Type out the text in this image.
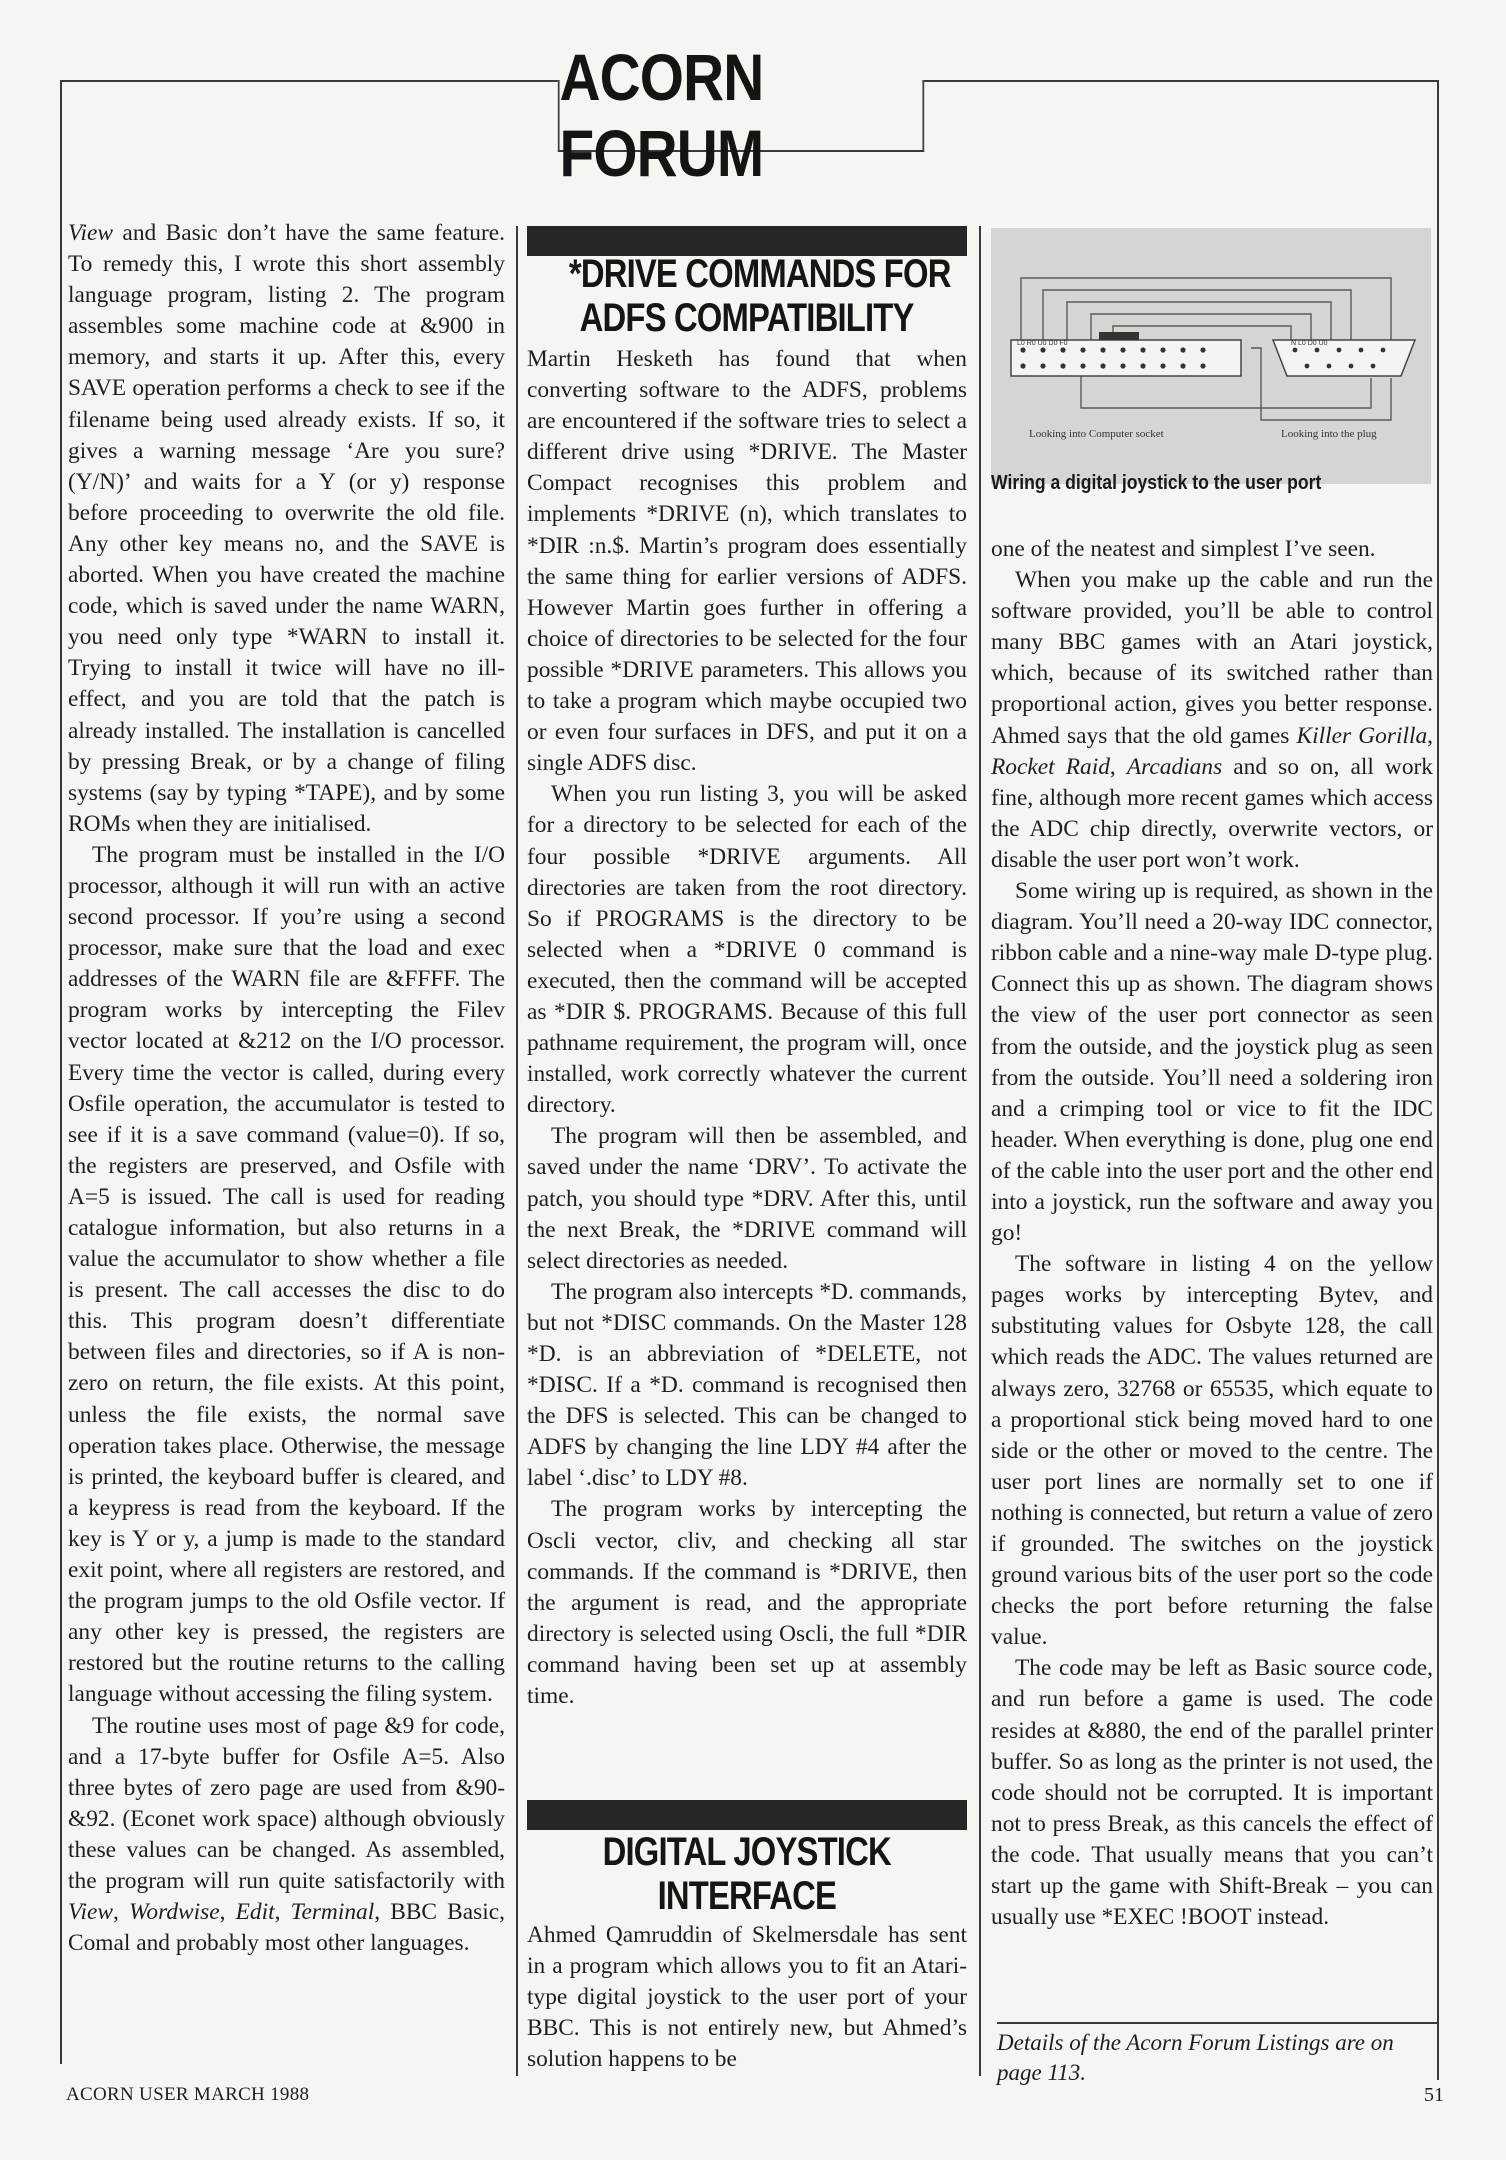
ACORN FORUM

View and Basic don’t have the same feature. To remedy this, I wrote this short assembly language program, listing 2. The program assembles some machine code at &900 in memory, and starts it up. After this, every SAVE operation performs a check to see if the filename being used already exists. If so, it gives a warning message ‘Are you sure? (Y/N)’ and waits for a Y (or y) response before proceeding to overwrite the old file. Any other key means no, and the SAVE is aborted. When you have created the machine code, which is saved under the name WARN, you need only type *WARN to install it. Trying to install it twice will have no ill-effect, and you are told that the patch is already installed. The installation is cancelled by pressing Break, or by a change of filing systems (say by typing *TAPE), and by some ROMs when they are initialised.

The program must be installed in the I/O processor, although it will run with an active second processor. If you’re using a second processor, make sure that the load and exec addresses of the WARN file are &FFFF. The program works by intercepting the Filev vector located at &212 on the I/O processor. Every time the vector is called, during every Osfile operation, the accumulator is tested to see if it is a save command (value=0). If so, the registers are preserved, and Osfile with A=5 is issued. The call is used for reading catalogue information, but also returns in a value the accumulator to show whether a file is present. The call accesses the disc to do this. This program doesn’t differentiate between files and directories, so if A is non-zero on return, the file exists. At this point, unless the file exists, the normal save operation takes place. Otherwise, the message is printed, the keyboard buffer is cleared, and a keypress is read from the keyboard. If the key is Y or y, a jump is made to the standard exit point, where all registers are restored, and the program jumps to the old Osfile vector. If any other key is pressed, the registers are restored but the routine returns to the calling language without accessing the filing system.

The routine uses most of page &9 for code, and a 17-byte buffer for Osfile A=5. Also three bytes of zero page are used from &90-&92. (Econet work space) although obviously these values can be changed. As assembled, the program will run quite satisfactorily with View, Wordwise, Edit, Terminal, BBC Basic, Comal and probably most other languages.

*DRIVE COMMANDS FOR
ADFS COMPATIBILITY

Martin Hesketh has found that when converting software to the ADFS, problems are encountered if the software tries to select a different drive using *DRIVE. The Master Compact recognises this problem and implements *DRIVE (n), which translates to *DIR :n.$. Martin’s program does essentially the same thing for earlier versions of ADFS. However Martin goes further in offering a choice of directories to be selected for the four possible *DRIVE parameters. This allows you to take a program which maybe occupied two or even four surfaces in DFS, and put it on a single ADFS disc.

When you run listing 3, you will be asked for a directory to be selected for each of the four possible *DRIVE arguments. All directories are taken from the root directory. So if PROGRAMS is the directory to be selected when a *DRIVE 0 command is executed, then the command will be accepted as *DIR $. PROGRAMS. Because of this full pathname requirement, the program will, once installed, work correctly whatever the current directory.

The program will then be assembled, and saved under the name ‘DRV’. To activate the patch, you should type *DRV. After this, until the next Break, the *DRIVE command will select directories as needed.

The program also intercepts *D. commands, but not *DISC commands. On the Master 128 *D. is an abbreviation of *DELETE, not *DISC. If a *D. command is recognised then the DFS is selected. This can be changed to ADFS by changing the line LDY #4 after the label ‘.disc’ to LDY #8.

The program works by intercepting the Oscli vector, cliv, and checking all star commands. If the command is *DRIVE, then the argument is read, and the appropriate directory is selected using Oscli, the full *DIR command having been set up at assembly time.

DIGITAL JOYSTICK
INTERFACE

Ahmed Qamruddin of Skelmersdale has sent in a program which allows you to fit an Atari-type digital joystick to the user port of your BBC. This is not entirely new, but Ahmed’s solution happens to be

L0 R0 U0 D0 F0	N L0 D0 U0
Looking into Computer socket	Looking into the plug
Wiring a digital joystick to the user port

one of the neatest and simplest I’ve seen.

When you make up the cable and run the software provided, you’ll be able to control many BBC games with an Atari joystick, which, because of its switched rather than proportional action, gives you better response. Ahmed says that the old games Killer Gorilla, Rocket Raid, Arcadians and so on, all work fine, although more recent games which access the ADC chip directly, overwrite vectors, or disable the user port won’t work.

Some wiring up is required, as shown in the diagram. You’ll need a 20-way IDC connector, ribbon cable and a nine-way male D-type plug. Connect this up as shown. The diagram shows the view of the user port connector as seen from the outside, and the joystick plug as seen from the outside. You’ll need a soldering iron and a crimping tool or vice to fit the IDC header. When everything is done, plug one end of the cable into the user port and the other end into a joystick, run the software and away you go!

The software in listing 4 on the yellow pages works by intercepting Bytev, and substituting values for Osbyte 128, the call which reads the ADC. The values returned are always zero, 32768 or 65535, which equate to a proportional stick being moved hard to one side or the other or moved to the centre. The user port lines are normally set to one if nothing is connected, but return a value of zero if grounded. The switches on the joystick ground various bits of the user port so the code checks the port before returning the false value.

The code may be left as Basic source code, and run before a game is used. The code resides at &880, the end of the parallel printer buffer. So as long as the printer is not used, the code should not be corrupted. It is important not to press Break, as this cancels the effect of the code. That usually means that you can’t start up the game with Shift-Break – you can usually use *EXEC !BOOT instead.

Details of the Acorn Forum Listings are on page 113.
ACORN USER MARCH 1988	51
